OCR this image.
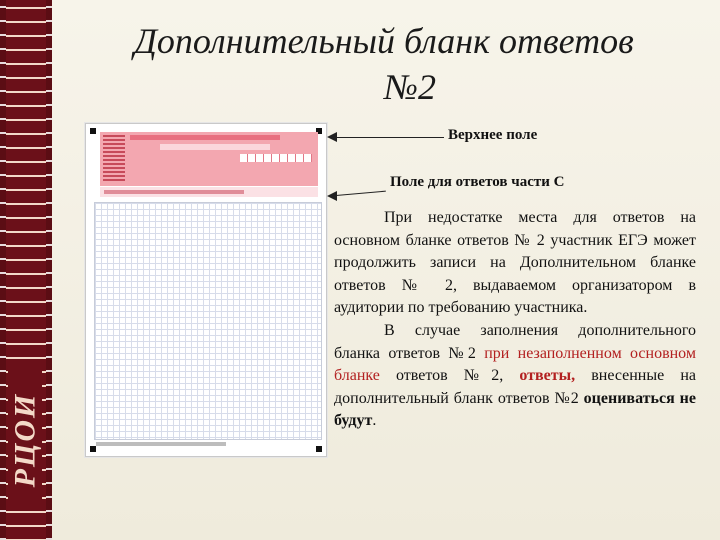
РЦОИ
Дополнительный бланк ответов
№2
Верхнее поле
Поле для ответов части С

При недостатке места для ответов на основном бланке ответов № 2 участник ЕГЭ может продолжить записи на Дополнительном бланке ответов № 2, выдаваемом организатором в аудитории по требованию участника.

В случае заполнения дополнительного бланка ответов №2 при незаполненном основном бланке ответов №2, ответы, внесенные на дополнительный бланк ответов №2 оцениваться не будут.
